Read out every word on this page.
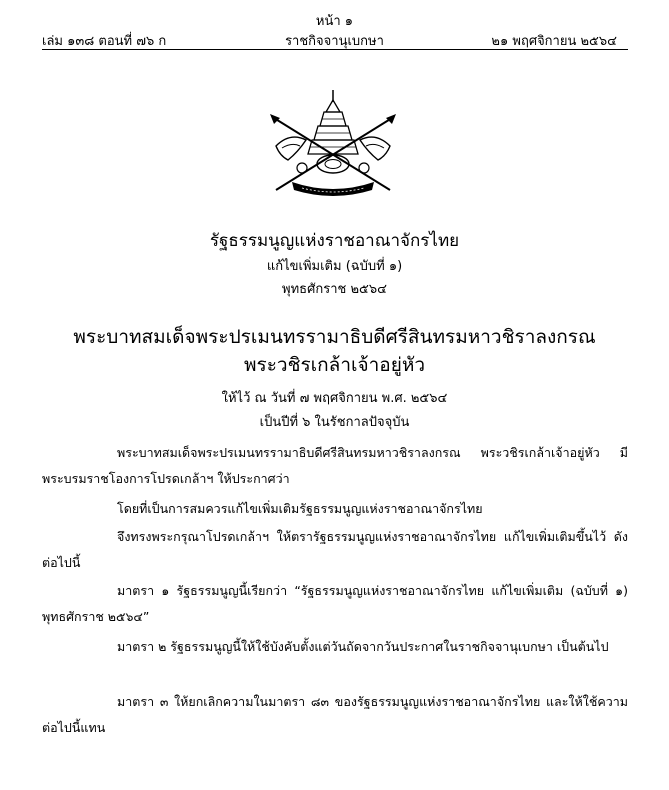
หน้า ๑
เล่ม ๑๓๘ ตอนที่ ๗๖ ก	ราชกิจจานุเบกษา	๒๑ พฤศจิกายน ๒๕๖๔
รัฐธรรมนูญแห่งราชอาณาจักรไทย
แก้ไขเพิ่มเติม (ฉบับที่ ๑)
พุทธศักราช ๒๕๖๔
พระบาทสมเด็จพระปรเมนทรรามาธิบดีศรีสินทรมหาวชิราลงกรณ
พระวชิรเกล้าเจ้าอยู่หัว
ให้ไว้ ณ วันที่ ๗ พฤศจิกายน พ.ศ. ๒๕๖๔
เป็นปีที่ ๖ ในรัชกาลปัจจุบัน
พระบาทสมเด็จพระปรเมนทรรามาธิบดีศรีสินทรมหาวชิราลงกรณ พระวชิรเกล้าเจ้าอยู่หัว มีพระบรมราชโองการโปรดเกล้าฯ ให้ประกาศว่า
โดยที่เป็นการสมควรแก้ไขเพิ่มเติมรัฐธรรมนูญแห่งราชอาณาจักรไทย
จึงทรงพระกรุณาโปรดเกล้าฯ ให้ตรารัฐธรรมนูญแห่งราชอาณาจักรไทย แก้ไขเพิ่มเติมขึ้นไว้ ดังต่อไปนี้
มาตรา ๑ รัฐธรรมนูญนี้เรียกว่า “รัฐธรรมนูญแห่งราชอาณาจักรไทย แก้ไขเพิ่มเติม (ฉบับที่ ๑) พุทธศักราช ๒๕๖๔”
มาตรา ๒ รัฐธรรมนูญนี้ให้ใช้บังคับตั้งแต่วันถัดจากวันประกาศในราชกิจจานุเบกษา เป็นต้นไป
มาตรา ๓ ให้ยกเลิกความในมาตรา ๘๓ ของรัฐธรรมนูญแห่งราชอาณาจักรไทย และให้ใช้ความต่อไปนี้แทน
